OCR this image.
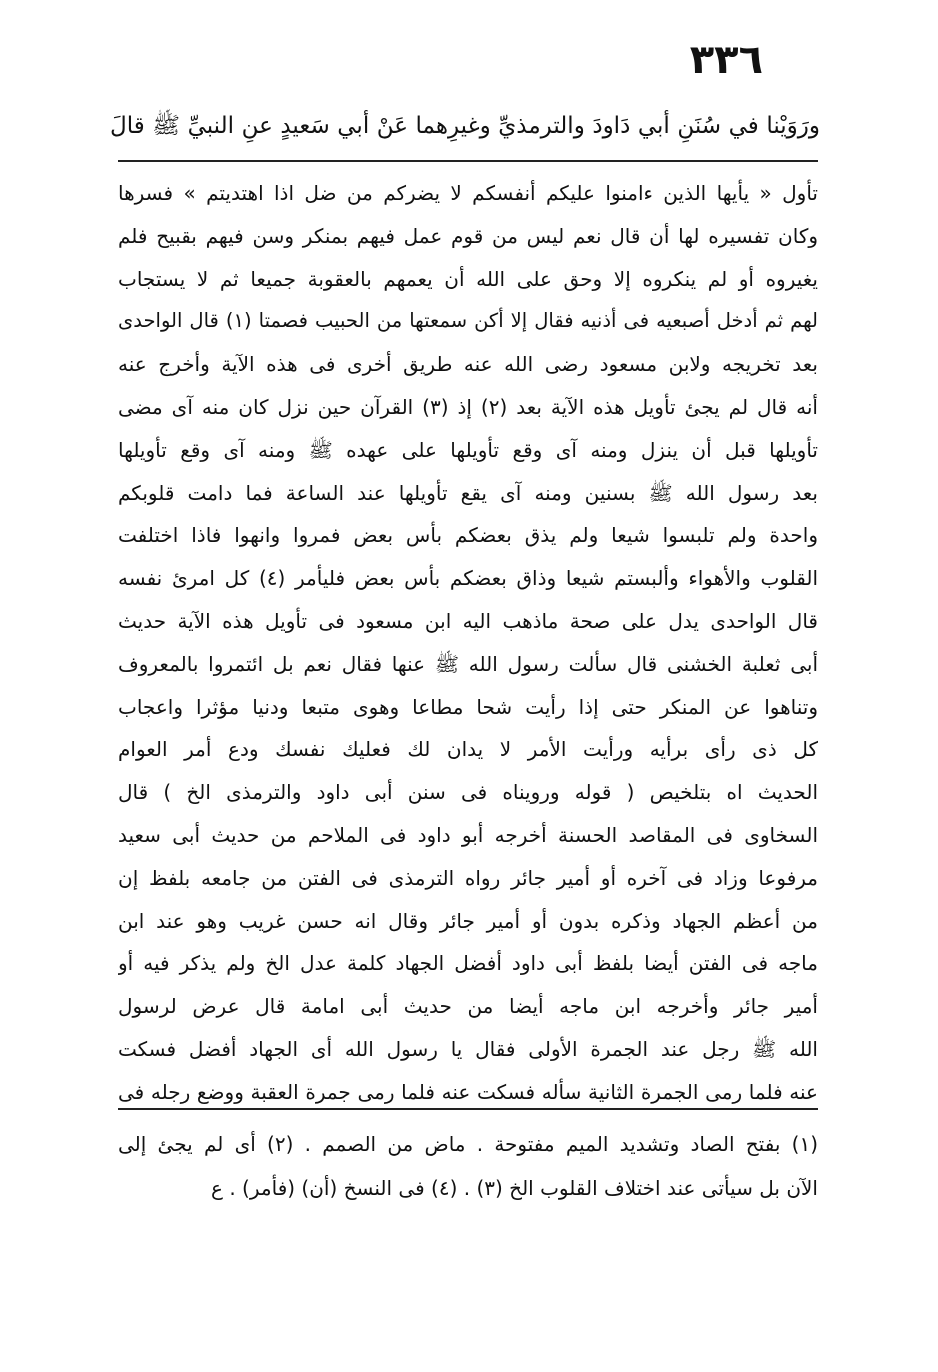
٣٣٦
ورَوَيْنا في سُنَنِ أبي دَاودَ والترمذيِّ وغيرِهما عَنْ أبي سَعيدٍ عنِ النبيِّ ﷺ قالَ
تأول « يأيها الذين ءامنوا عليكم أنفسكم لا يضركم من ضل اذا اهتديتم » فسرها
وكان تفسيره لها أن قال نعم ليس من قوم عمل فيهم بمنكر وسن فيهم بقبيح فلم
يغيروه أو لم ينكروه إلا وحق على الله أن يعمهم بالعقوبة جميعا ثم لا يستجاب
لهم ثم أدخل أصبعيه فى أذنيه فقال إلا أكن سمعتها من الحبيب فصمتا (١) قال الواحدى
بعد تخريجه ولابن مسعود رضى الله عنه طريق أخرى فى هذه الآية وأخرج عنه
أنه قال لم يجئ تأويل هذه الآية بعد (٢) إذ (٣) القرآن حين نزل كان منه آى مضى
تأويلها قبل أن ينزل ومنه آى وقع تأويلها على عهده ﷺ ومنه آى وقع تأويلها
بعد رسول الله ﷺ بسنين ومنه آى يقع تأويلها عند الساعة فما دامت قلوبكم
واحدة ولم تلبسوا شيعا ولم يذق بعضكم بأس بعض فمروا وانهوا فاذا اختلفت
القلوب والأهواء وألبستم شيعا وذاق بعضكم بأس بعض فليأمر (٤) كل امرئ نفسه
قال الواحدى يدل على صحة ماذهب اليه ابن مسعود فى تأويل هذه الآية حديث
أبى ثعلبة الخشنى قال سألت رسول الله ﷺ عنها فقال نعم بل ائتمروا بالمعروف
وتناهوا عن المنكر حتى إذا رأيت شحا مطاعا وهوى متبعا ودنيا مؤثرا واعجاب
كل ذى رأى برأيه ورأيت الأمر لا يدان لك فعليك نفسك ودع أمر العوام
الحديث اه بتلخيص ( قوله ورويناه فى سنن أبى داود والترمذى الخ ) قال
السخاوى فى المقاصد الحسنة أخرجه أبو داود فى الملاحم من حديث أبى سعيد
مرفوعا وزاد فى آخره أو أمير جائر رواه الترمذى فى الفتن من جامعه بلفظ إن
من أعظم الجهاد وذكره بدون أو أمير جائر وقال انه حسن غريب وهو عند ابن
ماجه فى الفتن أيضا بلفظ أبى داود أفضل الجهاد كلمة عدل الخ ولم يذكر فيه أو
أمير جائر وأخرجه ابن ماجه أيضا من حديث أبى امامة قال عرض لرسول
الله ﷺ رجل عند الجمرة الأولى فقال يا رسول الله أى الجهاد أفضل فسكت
عنه فلما رمى الجمرة الثانية سأله فسكت عنه فلما رمى جمرة العقبة ووضع رجله فى
(١) بفتح الصاد وتشديد الميم مفتوحة . ماض من الصمم . (٢) أى لم يجئ إلى
الآن بل سيأتى عند اختلاف القلوب الخ (٣) . (٤) فى النسخ (أن) (فأمر) . ع
